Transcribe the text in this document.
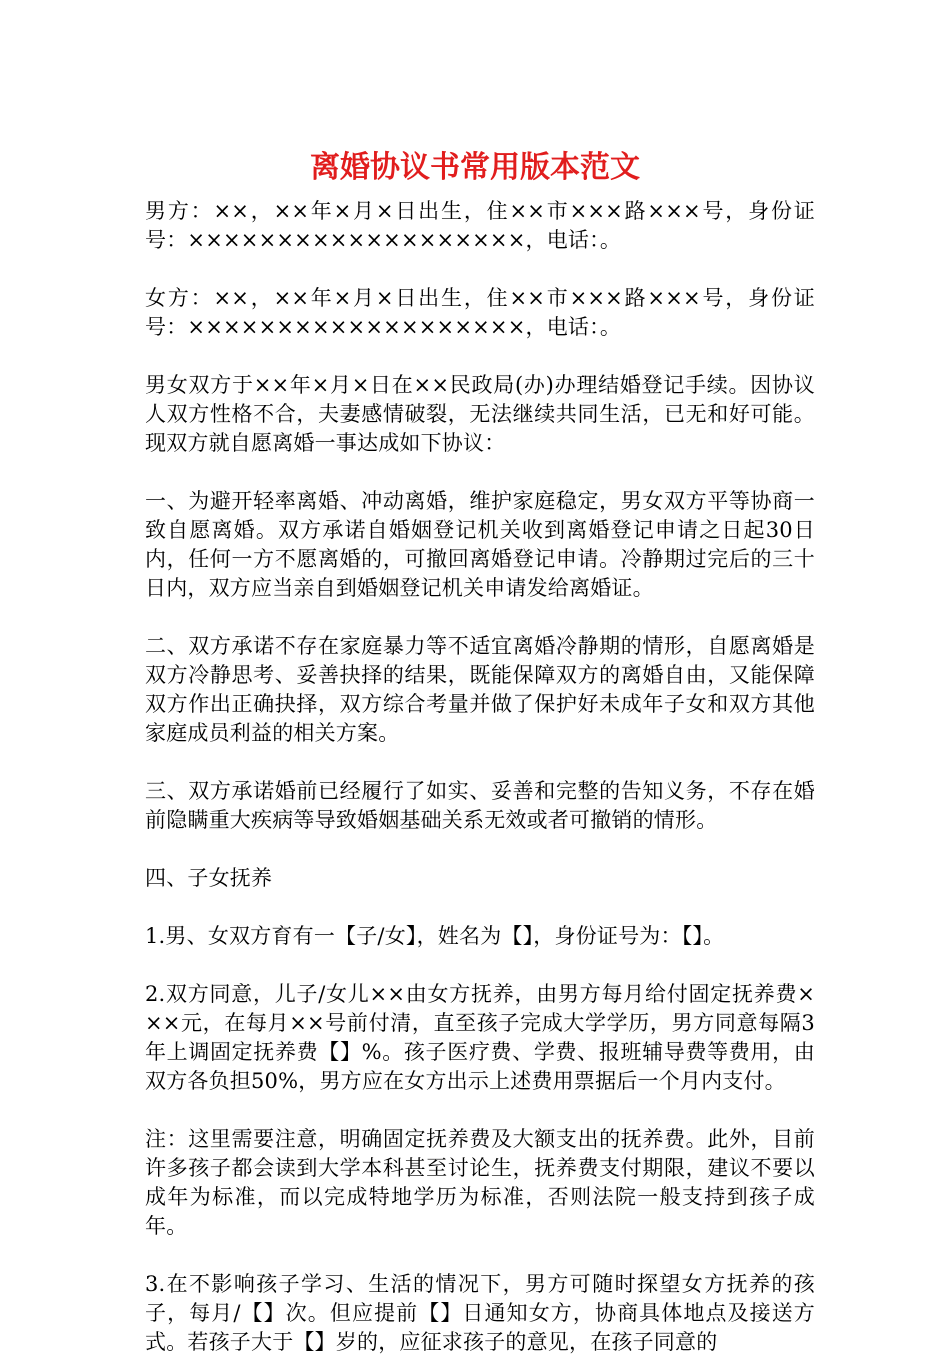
离婚协议书常用版本范文

男方：××，××年×月×日出生，住××市×××路×××号，身份证号：×××××××××××××××××××，电话：。

女方：××，××年×月×日出生，住××市×××路×××号，身份证号：×××××××××××××××××××，电话：。

男女双方于××年×月×日在××民政局(办)办理结婚登记手续。因协议人双方性格不合，夫妻感情破裂，无法继续共同生活，已无和好可能。现双方就自愿离婚一事达成如下协议：

一、为避开轻率离婚、冲动离婚，维护家庭稳定，男女双方平等协商一致自愿离婚。双方承诺自婚姻登记机关收到离婚登记申请之日起30日内，任何一方不愿离婚的，可撤回离婚登记申请。冷静期过完后的三十日内，双方应当亲自到婚姻登记机关申请发给离婚证。

二、双方承诺不存在家庭暴力等不适宜离婚冷静期的情形，自愿离婚是双方冷静思考、妥善抉择的结果，既能保障双方的离婚自由，又能保障双方作出正确抉择，双方综合考量并做了保护好未成年子女和双方其他家庭成员利益的相关方案。

三、双方承诺婚前已经履行了如实、妥善和完整的告知义务，不存在婚前隐瞒重大疾病等导致婚姻基础关系无效或者可撤销的情形。

四、子女抚养

1.男、女双方育有一【子/女】，姓名为【】，身份证号为：【】。

2.双方同意，儿子/女儿××由女方抚养，由男方每月给付固定抚养费×××元，在每月××号前付清，直至孩子完成大学学历，男方同意每隔3年上调固定抚养费【】%。孩子医疗费、学费、报班辅导费等费用，由双方各负担50%，男方应在女方出示上述费用票据后一个月内支付。

注：这里需要注意，明确固定抚养费及大额支出的抚养费。此外，目前许多孩子都会读到大学本科甚至讨论生，抚养费支付期限，建议不要以成年为标准，而以完成特地学历为标准，否则法院一般支持到孩子成年。

3.在不影响孩子学习、生活的情况下，男方可随时探望女方抚养的孩子，每月/【】次。但应提前【】日通知女方，协商具体地点及接送方式。若孩子大于【】岁的，应征求孩子的意见，在孩子同意的
